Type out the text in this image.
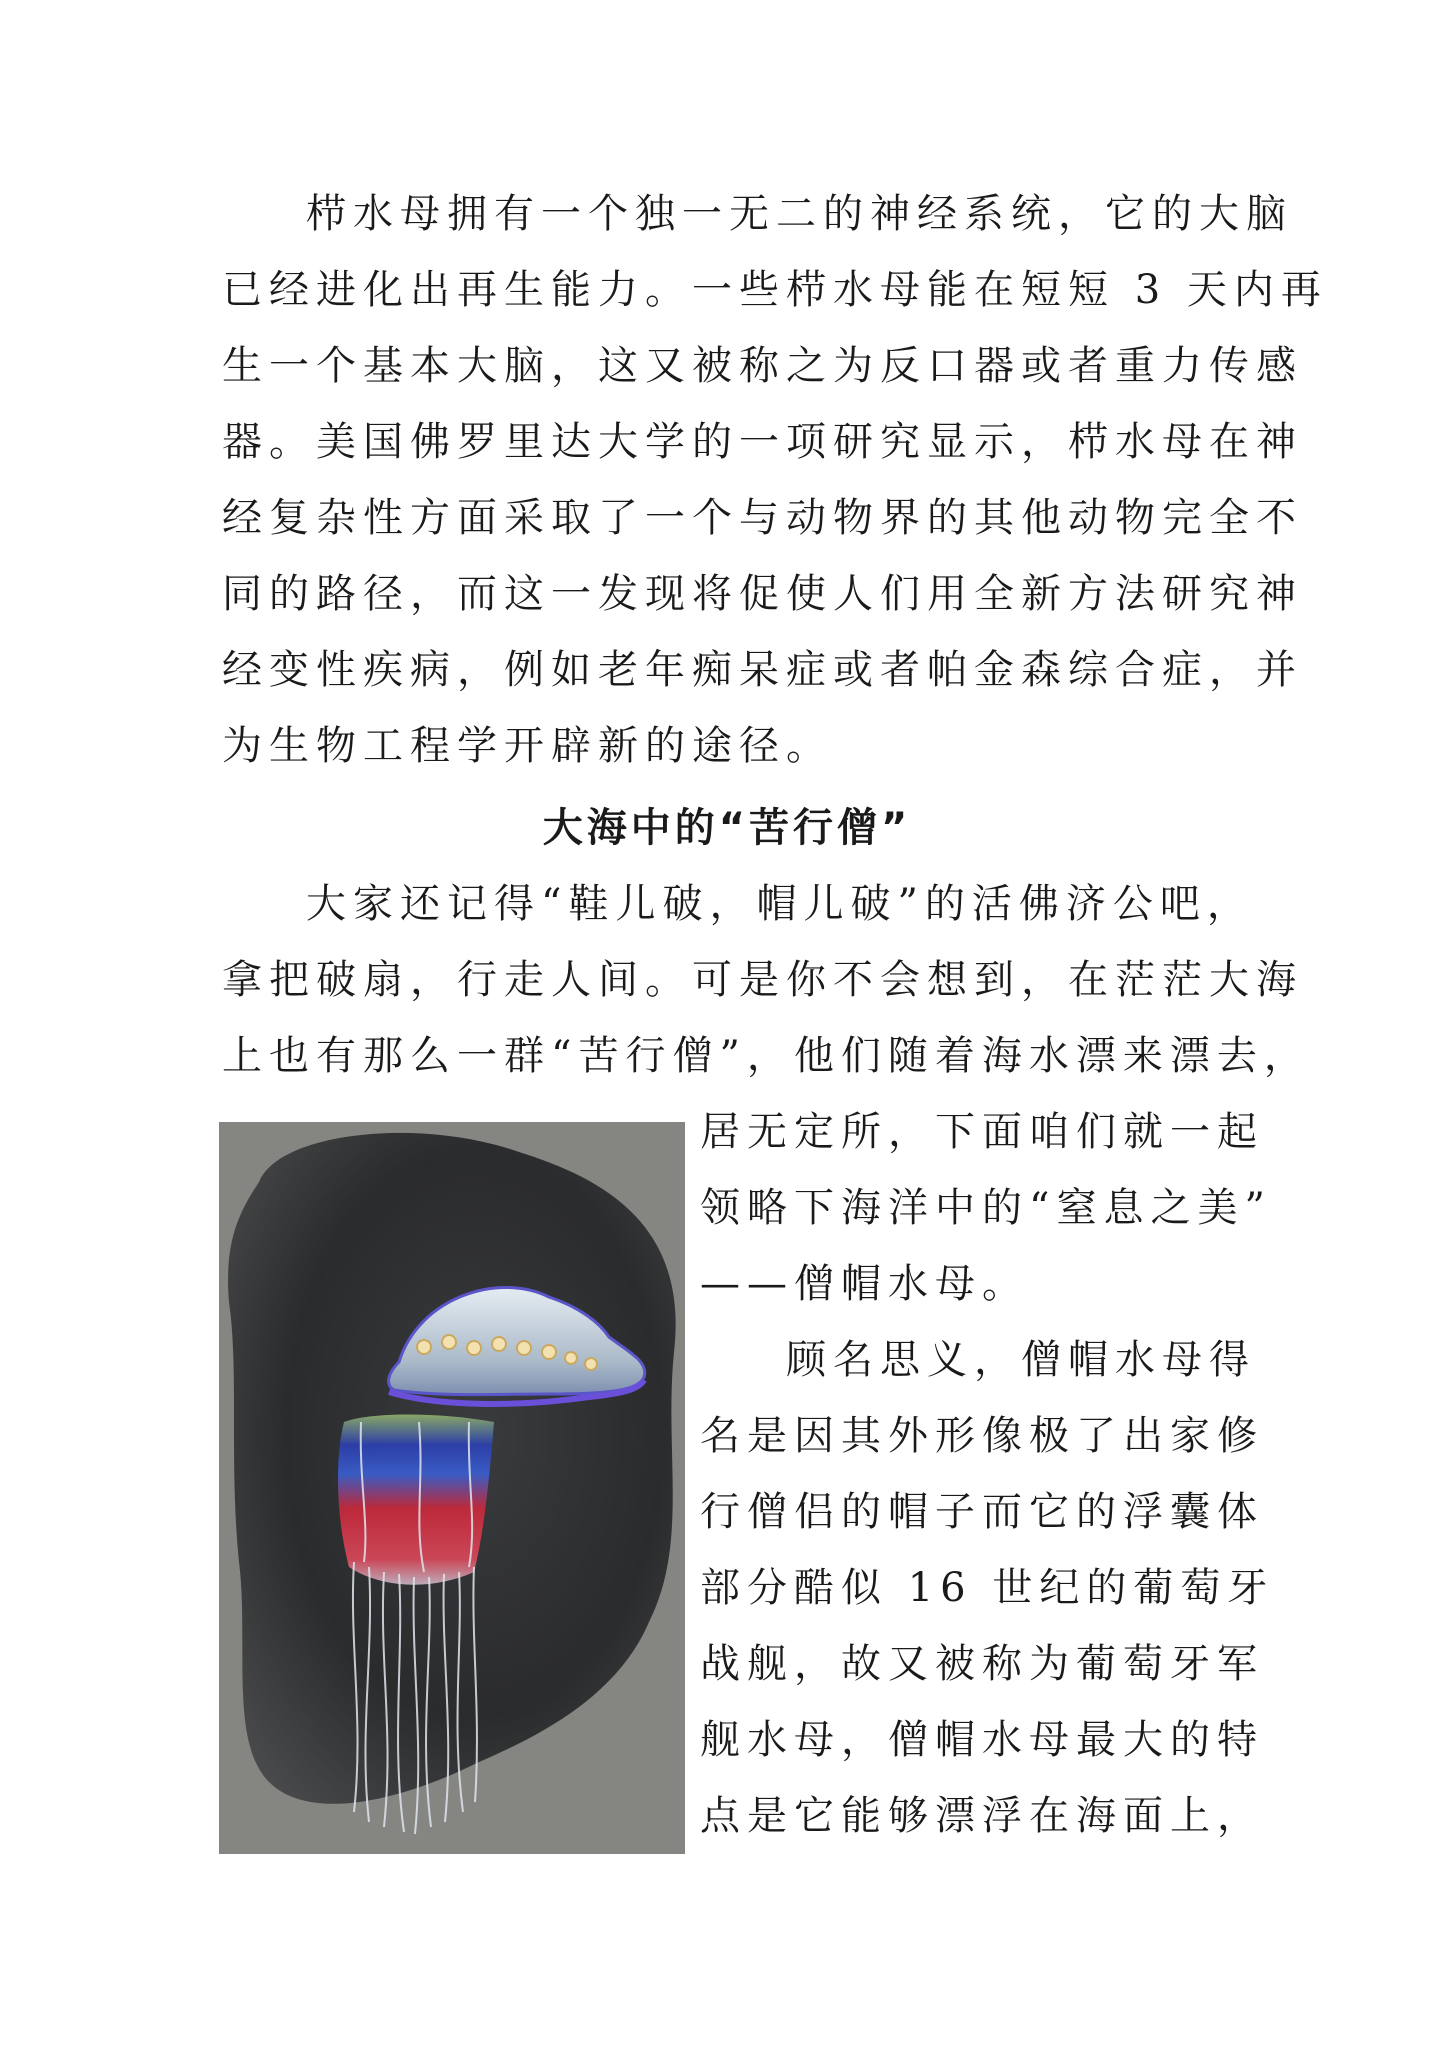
栉水母拥有一个独一无二的神经系统，它的大脑
已经进化出再生能力。一些栉水母能在短短 3 天内再
生一个基本大脑，这又被称之为反口器或者重力传感
器。美国佛罗里达大学的一项研究显示，栉水母在神
经复杂性方面采取了一个与动物界的其他动物完全不
同的路径，而这一发现将促使人们用全新方法研究神
经变性疾病，例如老年痴呆症或者帕金森综合症，并
为生物工程学开辟新的途径。
大海中的“苦行僧”
大家还记得“鞋儿破，帽儿破”的活佛济公吧，
拿把破扇，行走人间。可是你不会想到，在茫茫大海
上也有那么一群“苦行僧”，他们随着海水漂来漂去，
居无定所，下面咱们就一起
领略下海洋中的“窒息之美”
——僧帽水母。
顾名思义，僧帽水母得
名是因其外形像极了出家修
行僧侣的帽子而它的浮囊体
部分酷似 16 世纪的葡萄牙
战舰，故又被称为葡萄牙军
舰水母，僧帽水母最大的特
点是它能够漂浮在海面上，
